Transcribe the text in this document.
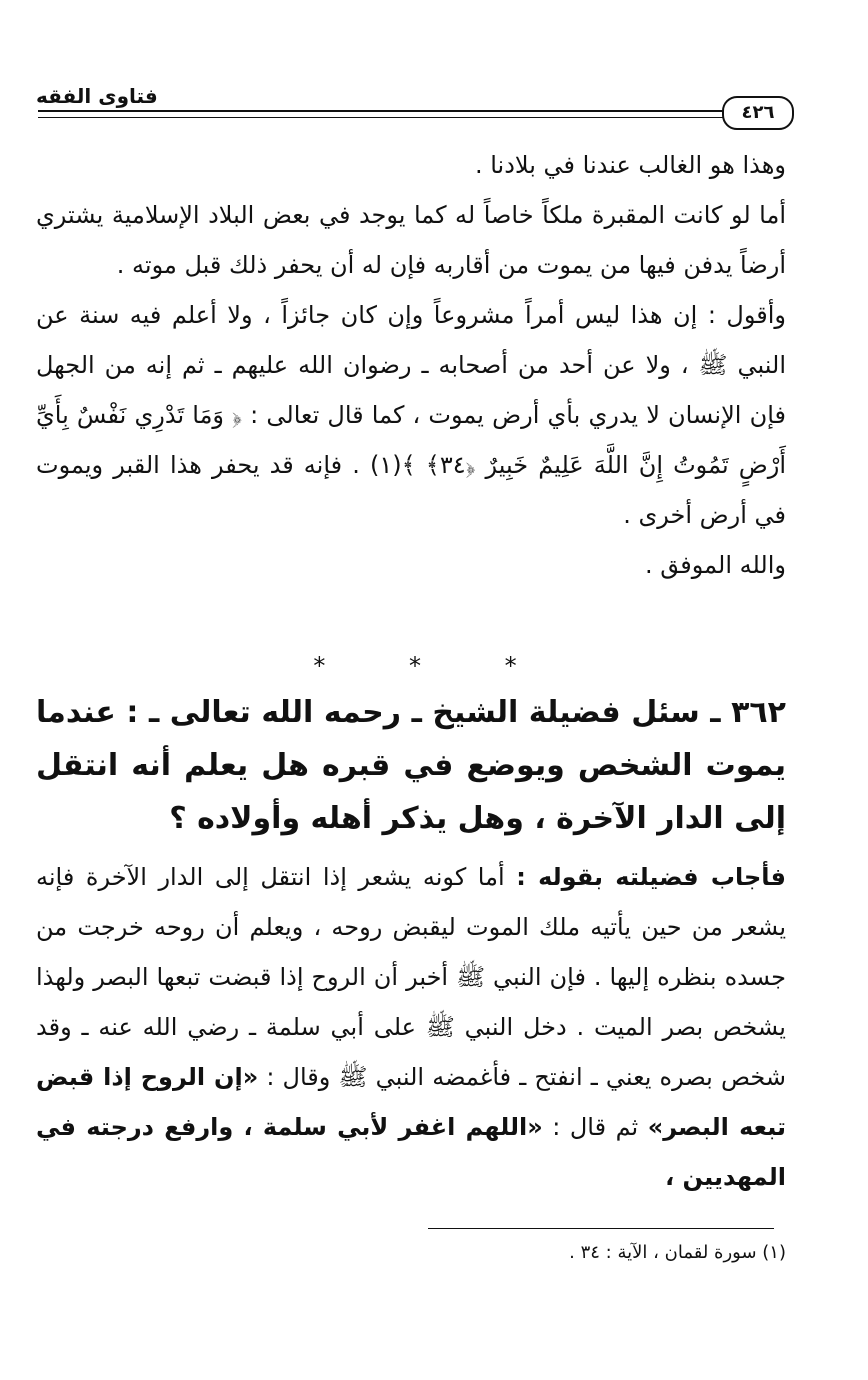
فتاوى الفقه
٤٢٦

وهذا هو الغالب عندنا في بلادنا .

أما لو كانت المقبرة ملكاً خاصاً له كما يوجد في بعض البلاد الإسلامية يشتري أرضاً يدفن فيها من يموت من أقاربه فإن له أن يحفر ذلك قبل موته .

وأقول : إن هذا ليس أمراً مشروعاً وإن كان جائزاً ، ولا أعلم فيه سنة عن النبي ﷺ ، ولا عن أحد من أصحابه ـ رضوان الله عليهم ـ ثم إنه من الجهل فإن الإنسان لا يدري بأي أرض يموت ، كما قال تعالى : ﴿ وَمَا تَدْرِي نَفْسٌ بِأَيِّ أَرْضٍ تَمُوتُ إِنَّ اللَّهَ عَلِيمٌ خَبِيرٌ ﴿٣٤﴾ ﴾(١) . فإنه قد يحفر هذا القبر ويموت في أرض أخرى .

والله الموفق .

* * *

٣٦٢ ـ سئل فضيلة الشيخ ـ رحمه الله تعالى ـ : عندما يموت الشخص ويوضع في قبره هل يعلم أنه انتقل إلى الدار الآخرة ، وهل يذكر أهله وأولاده ؟

فأجاب فضيلته بقوله : أما كونه يشعر إذا انتقل إلى الدار الآخرة فإنه يشعر من حين يأتيه ملك الموت ليقبض روحه ، ويعلم أن روحه خرجت من جسده بنظره إليها . فإن النبي ﷺ أخبر أن الروح إذا قبضت تبعها البصر ولهذا يشخص بصر الميت . دخل النبي ﷺ على أبي سلمة ـ رضي الله عنه ـ وقد شخص بصره يعني ـ انفتح ـ فأغمضه النبي ﷺ وقال : «إن الروح إذا قبض تبعه البصر» ثم قال : «اللهم اغفر لأبي سلمة ، وارفع درجته في المهديين ،

(١) سورة لقمان ، الآية : ٣٤ .
